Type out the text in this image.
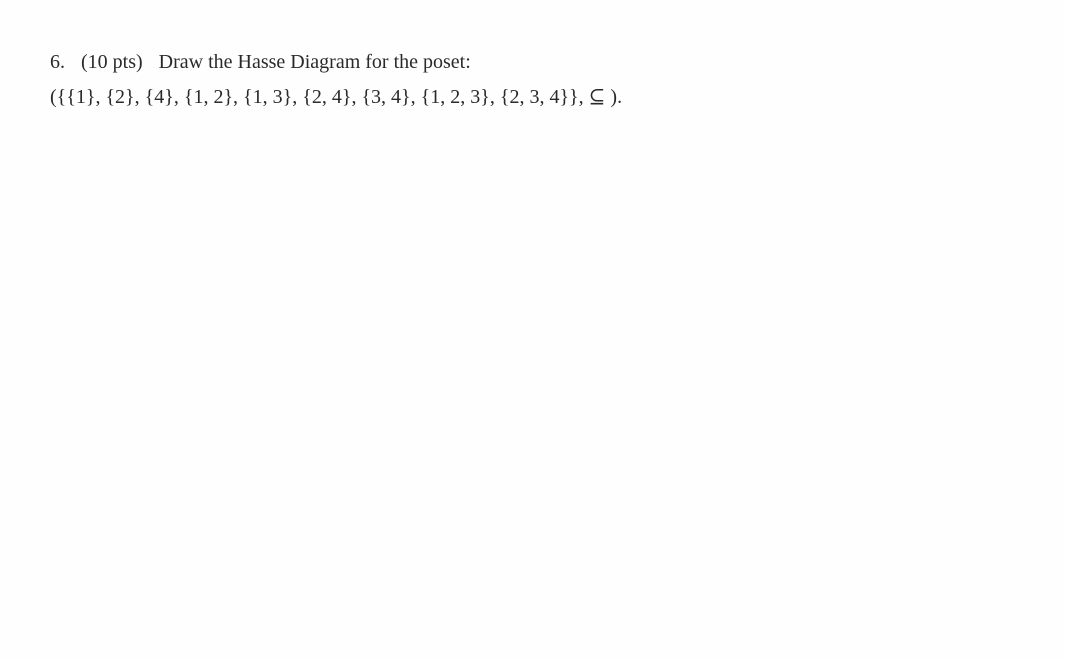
6. (10 pts) Draw the Hasse Diagram for the poset:
({{1}, {2}, {4}, {1, 2}, {1, 3}, {2, 4}, {3, 4}, {1, 2, 3}, {2, 3, 4}}, ⊆ ).
